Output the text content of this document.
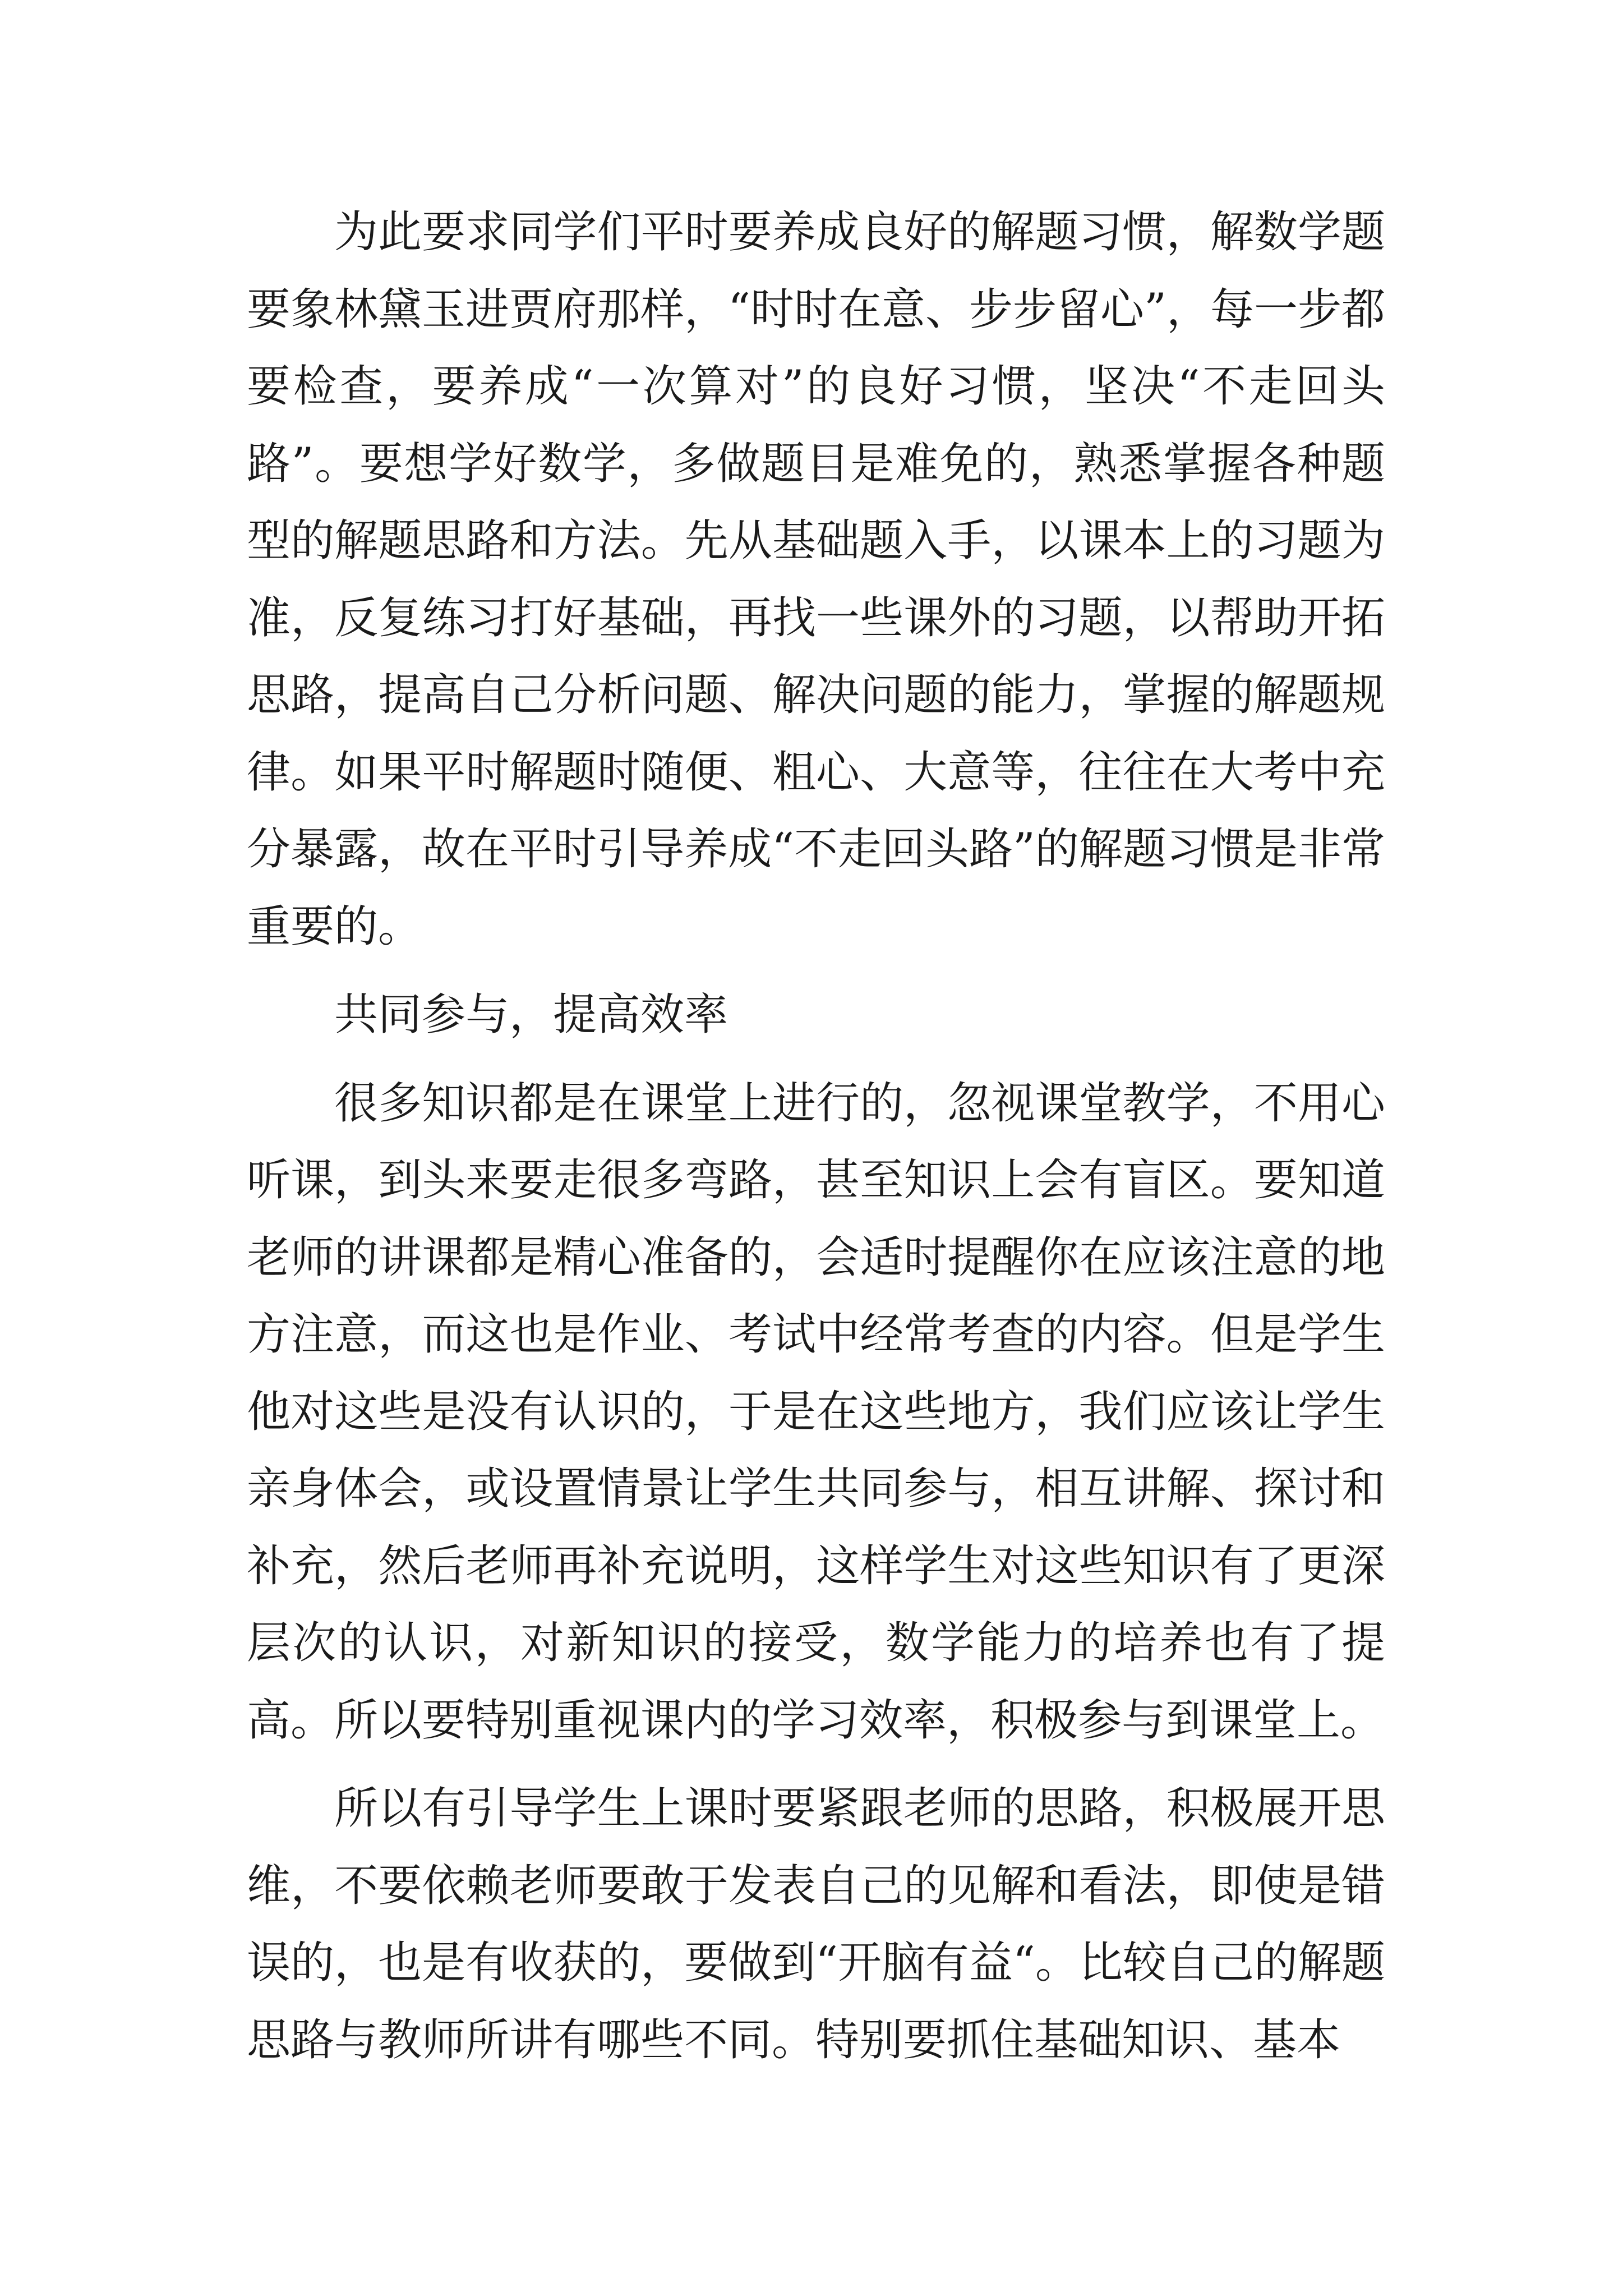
为此要求同学们平时要养成良好的解题习惯，解数学题要象林黛玉进贾府那样，“时时在意、步步留心”，每一步都要检查，要养成“一次算对”的良好习惯，坚决“不走回头路”。要想学好数学，多做题目是难免的，熟悉掌握各种题型的解题思路和方法。先从基础题入手，以课本上的习题为准，反复练习打好基础，再找一些课外的习题，以帮助开拓思路，提高自己分析问题、解决问题的能力，掌握的解题规律。如果平时解题时随便、粗心、大意等，往往在大考中充分暴露，故在平时引导养成“不走回头路”的解题习惯是非常重要的。

共同参与，提高效率

很多知识都是在课堂上进行的，忽视课堂教学，不用心听课，到头来要走很多弯路，甚至知识上会有盲区。要知道老师的讲课都是精心准备的，会适时提醒你在应该注意的地方注意，而这也是作业、考试中经常考查的内容。但是学生他对这些是没有认识的，于是在这些地方，我们应该让学生亲身体会，或设置情景让学生共同参与，相互讲解、探讨和补充，然后老师再补充说明，这样学生对这些知识有了更深层次的认识，对新知识的接受，数学能力的培养也有了提高。所以要特别重视课内的学习效率，积极参与到课堂上。

所以有引导学生上课时要紧跟老师的思路，积极展开思维，不要依赖老师要敢于发表自己的见解和看法，即使是错误的，也是有收获的，要做到“开脑有益“。比较自己的解题思路与教师所讲有哪些不同。特别要抓住基础知识、基本
